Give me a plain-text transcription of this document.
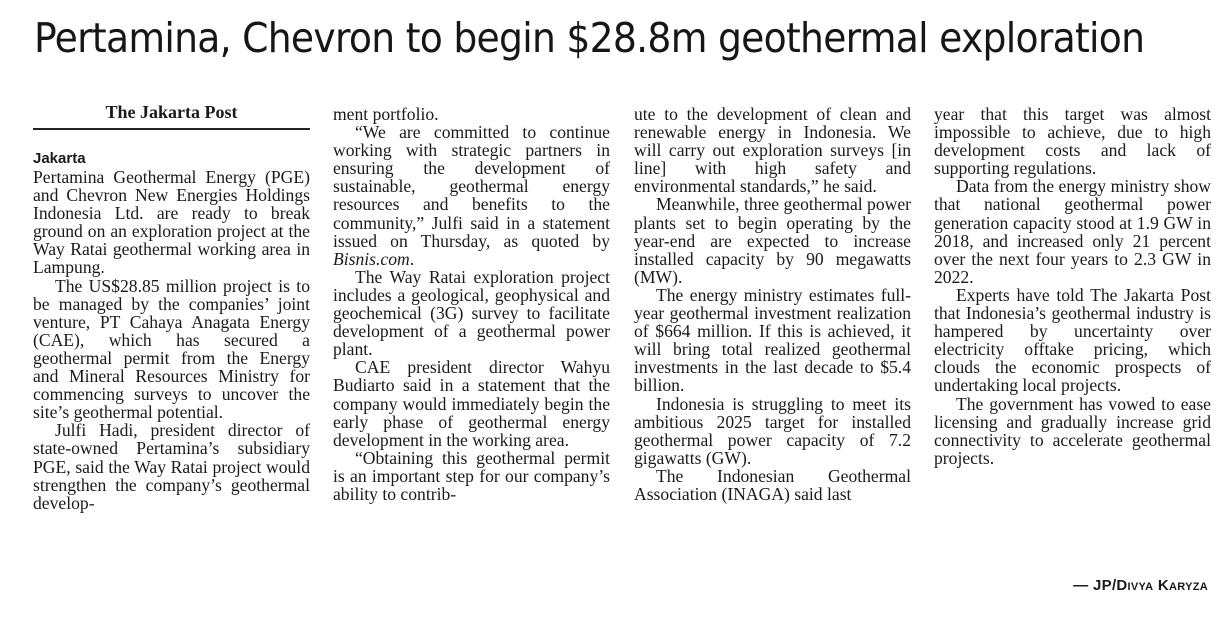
Pertamina, Chevron to begin $28.8m geothermal exploration
The Jakarta Post
Jakarta

Pertamina Geothermal Energy (PGE) and Chevron New Energies Holdings Indonesia Ltd. are ready to break ground on an exploration project at the Way Ratai geothermal working area in Lampung.

The US$28.85 million project is to be managed by the companies’ joint venture, PT Cahaya Anagata Energy (CAE), which has secured a geothermal permit from the Energy and Mineral Resources Ministry for commencing surveys to uncover the site’s geothermal potential.

Julfi Hadi, president director of state-owned Pertamina’s subsidiary PGE, said the Way Ratai project would strengthen the company’s geothermal develop-

ment portfolio.

“We are committed to continue working with strategic partners in ensuring the development of sustainable, geothermal energy resources and benefits to the community,” Julfi said in a statement issued on Thursday, as quoted by Bisnis.com.

The Way Ratai exploration project includes a geological, geophysical and geochemical (3G) survey to facilitate development of a geothermal power plant.

CAE president director Wahyu Budiarto said in a statement that the company would immediately begin the early phase of geothermal energy development in the working area.

“Obtaining this geothermal permit is an important step for our company’s ability to contrib-

ute to the development of clean and renewable energy in Indonesia. We will carry out exploration surveys [in line] with high safety and environmental standards,” he said.

Meanwhile, three geothermal power plants set to begin operating by the year-end are expected to increase installed capacity by 90 megawatts (MW).

The energy ministry estimates full-year geothermal investment realization of $664 million. If this is achieved, it will bring total realized geothermal investments in the last decade to $5.4 billion.

Indonesia is struggling to meet its ambitious 2025 target for installed geothermal power capacity of 7.2 gigawatts (GW).

The Indonesian Geothermal Association (INAGA) said last

year that this target was almost impossible to achieve, due to high development costs and lack of supporting regulations.

Data from the energy ministry show that national geothermal power generation capacity stood at 1.9 GW in 2018, and increased only 21 percent over the next four years to 2.3 GW in 2022.

Experts have told The Jakarta Post that Indonesia’s geothermal industry is hampered by uncertainty over electricity offtake pricing, which clouds the economic prospects of undertaking local projects.

The government has vowed to ease licensing and gradually increase grid connectivity to accelerate geothermal projects.

— JP/Divya Karyza
